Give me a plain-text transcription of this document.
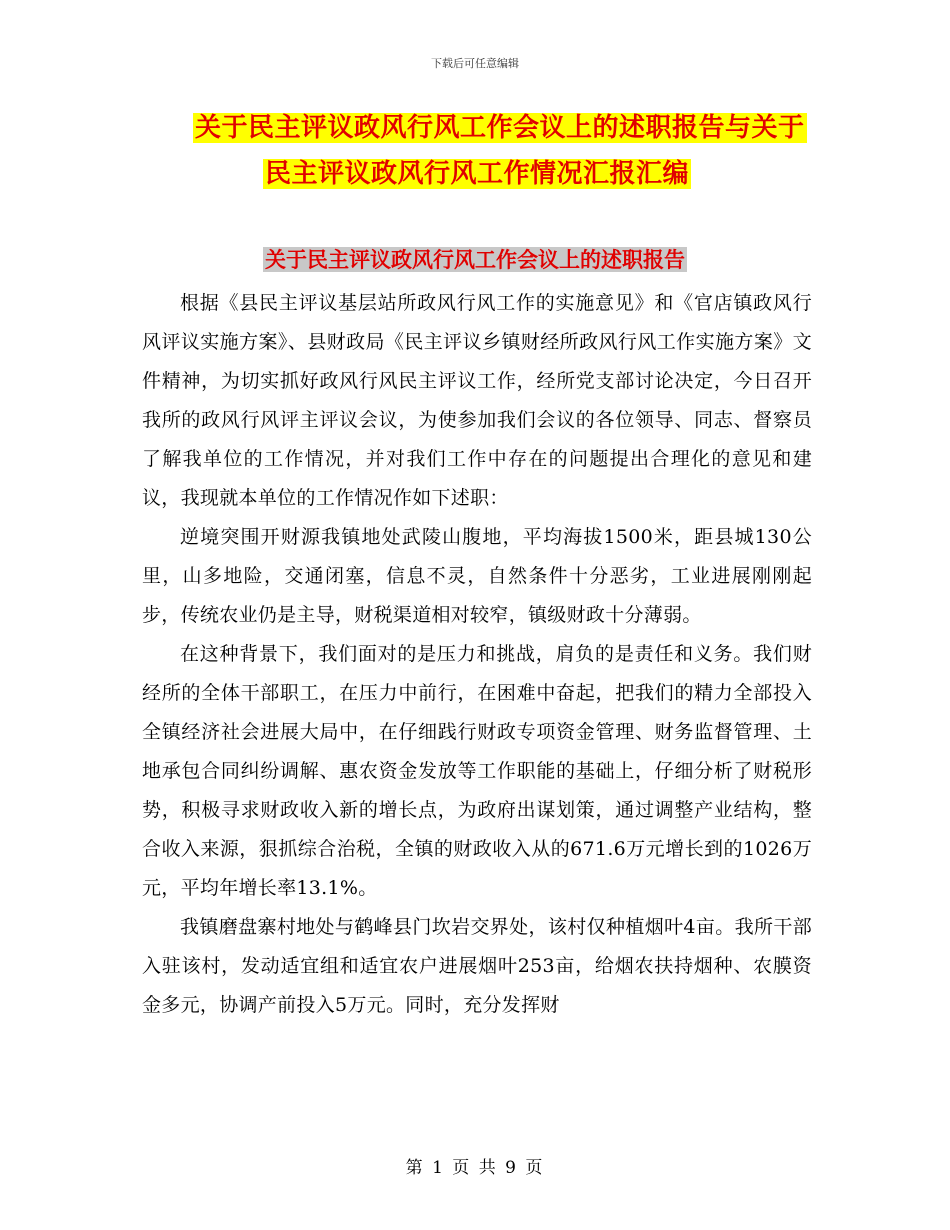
下载后可任意编辑
关于民主评议政风行风工作会议上的述职报告与关于
民主评议政风行风工作情况汇报汇编
关于民主评议政风行风工作会议上的述职报告

根据《县民主评议基层站所政风行风工作的实施意见》和《官店镇政风行风评议实施方案》、县财政局《民主评议乡镇财经所政风行风工作实施方案》文件精神，为切实抓好政风行风民主评议工作，经所党支部讨论决定，今日召开我所的政风行风评主评议会议，为使参加我们会议的各位领导、同志、督察员了解我单位的工作情况，并对我们工作中存在的问题提出合理化的意见和建议，我现就本单位的工作情况作如下述职：

逆境突围开财源我镇地处武陵山腹地，平均海拔1500米，距县城130公里，山多地险，交通闭塞，信息不灵，自然条件十分恶劣，工业进展刚刚起步，传统农业仍是主导，财税渠道相对较窄，镇级财政十分薄弱。

在这种背景下，我们面对的是压力和挑战，肩负的是责任和义务。我们财经所的全体干部职工，在压力中前行，在困难中奋起，把我们的精力全部投入全镇经济社会进展大局中，在仔细践行财政专项资金管理、财务监督管理、土地承包合同纠纷调解、惠农资金发放等工作职能的基础上，仔细分析了财税形势，积极寻求财政收入新的增长点，为政府出谋划策，通过调整产业结构，整合收入来源，狠抓综合治税，全镇的财政收入从的671.6万元增长到的1026万元，平均年增长率13.1%。

我镇磨盘寨村地处与鹤峰县门坎岩交界处，该村仅种植烟叶4亩。我所干部入驻该村，发动适宜组和适宜农户进展烟叶253亩，给烟农扶持烟种、农膜资金多元，协调产前投入5万元。同时，充分发挥财

第 1 页 共 9 页
